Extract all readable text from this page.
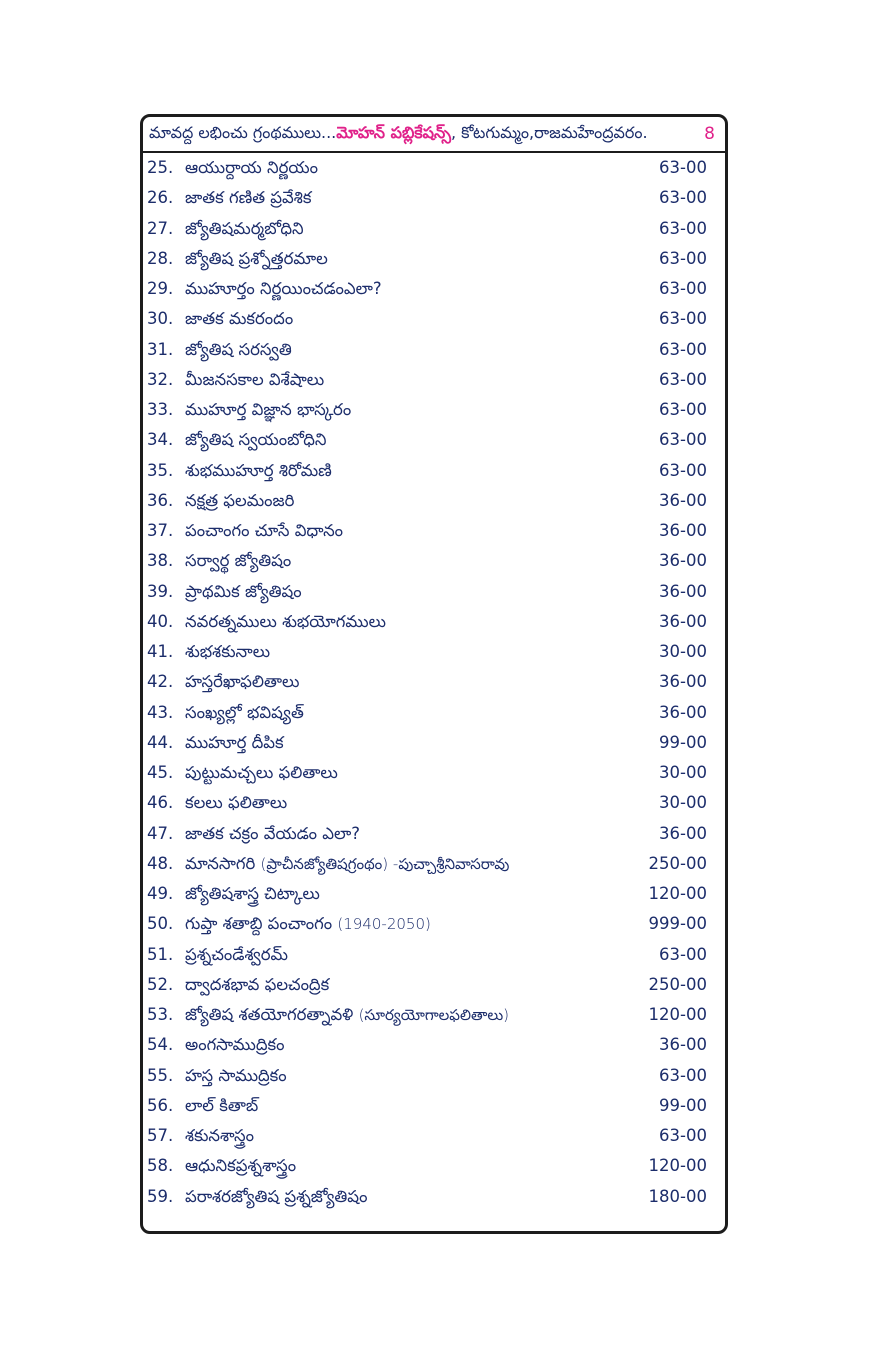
మావద్ద లభించు గ్రంథములు... మోహన్ పబ్లికేషన్స్ , కోటగుమ్మం,రాజమహేంద్రవరం.	8
25. ఆయుర్దాయ నిర్ణయం	63-00
26. జాతక గణిత ప్రవేశిక	63-00
27. జ్యోతిషమర్మబోధిని	63-00
28. జ్యోతిష ప్రశ్నోత్తరమాల	63-00
29. ముహూర్తం నిర్ణయించడంఎలా?	63-00
30. జాతక మకరందం	63-00
31. జ్యోతిష సరస్వతి	63-00
32. మీజనసకాల విశేషాలు	63-00
33. ముహూర్త విజ్ఞాన భాస్కరం	63-00
34. జ్యోతిష స్వయంబోధిని	63-00
35. శుభముహూర్త శిరోమణి	63-00
36. నక్షత్ర ఫలమంజరి	36-00
37. పంచాంగం చూసే విధానం	36-00
38. సర్వార్థ జ్యోతిషం	36-00
39. ప్రాథమిక జ్యోతిషం	36-00
40. నవరత్నములు శుభయోగములు	36-00
41. శుభశకునాలు	30-00
42. హస్తరేఖాఫలితాలు	36-00
43. సంఖ్యల్లో భవిష్యత్	36-00
44. ముహూర్త దీపిక	99-00
45. పుట్టుమచ్చలు ఫలితాలు	30-00
46. కలలు ఫలితాలు	30-00
47. జాతక చక్రం వేయడం ఎలా?	36-00
48. మానసాగరి (ప్రాచీనజ్యోతిషగ్రంథం) -పుచ్చాశ్రీనివాసరావు	250-00
49. జ్యోతిషశాస్త్ర చిట్కాలు	120-00
50. గుప్తా శతాబ్ది పంచాంగం (1940-2050)	999-00
51. ప్రశ్నచండేశ్వరమ్	63-00
52. ద్వాదశభావ ఫలచంద్రిక	250-00
53. జ్యోతిష శతయోగరత్నావళి (సూర్యయోగాలఫలితాలు)	120-00
54. అంగసాముద్రికం	36-00
55. హస్త సాముద్రికం	63-00
56. లాల్ కితాబ్	99-00
57. శకునశాస్త్రం	63-00
58. ఆధునికప్రశ్నశాస్త్రం	120-00
59. పరాశరజ్యోతిష ప్రశ్నజ్యోతిషం	180-00
